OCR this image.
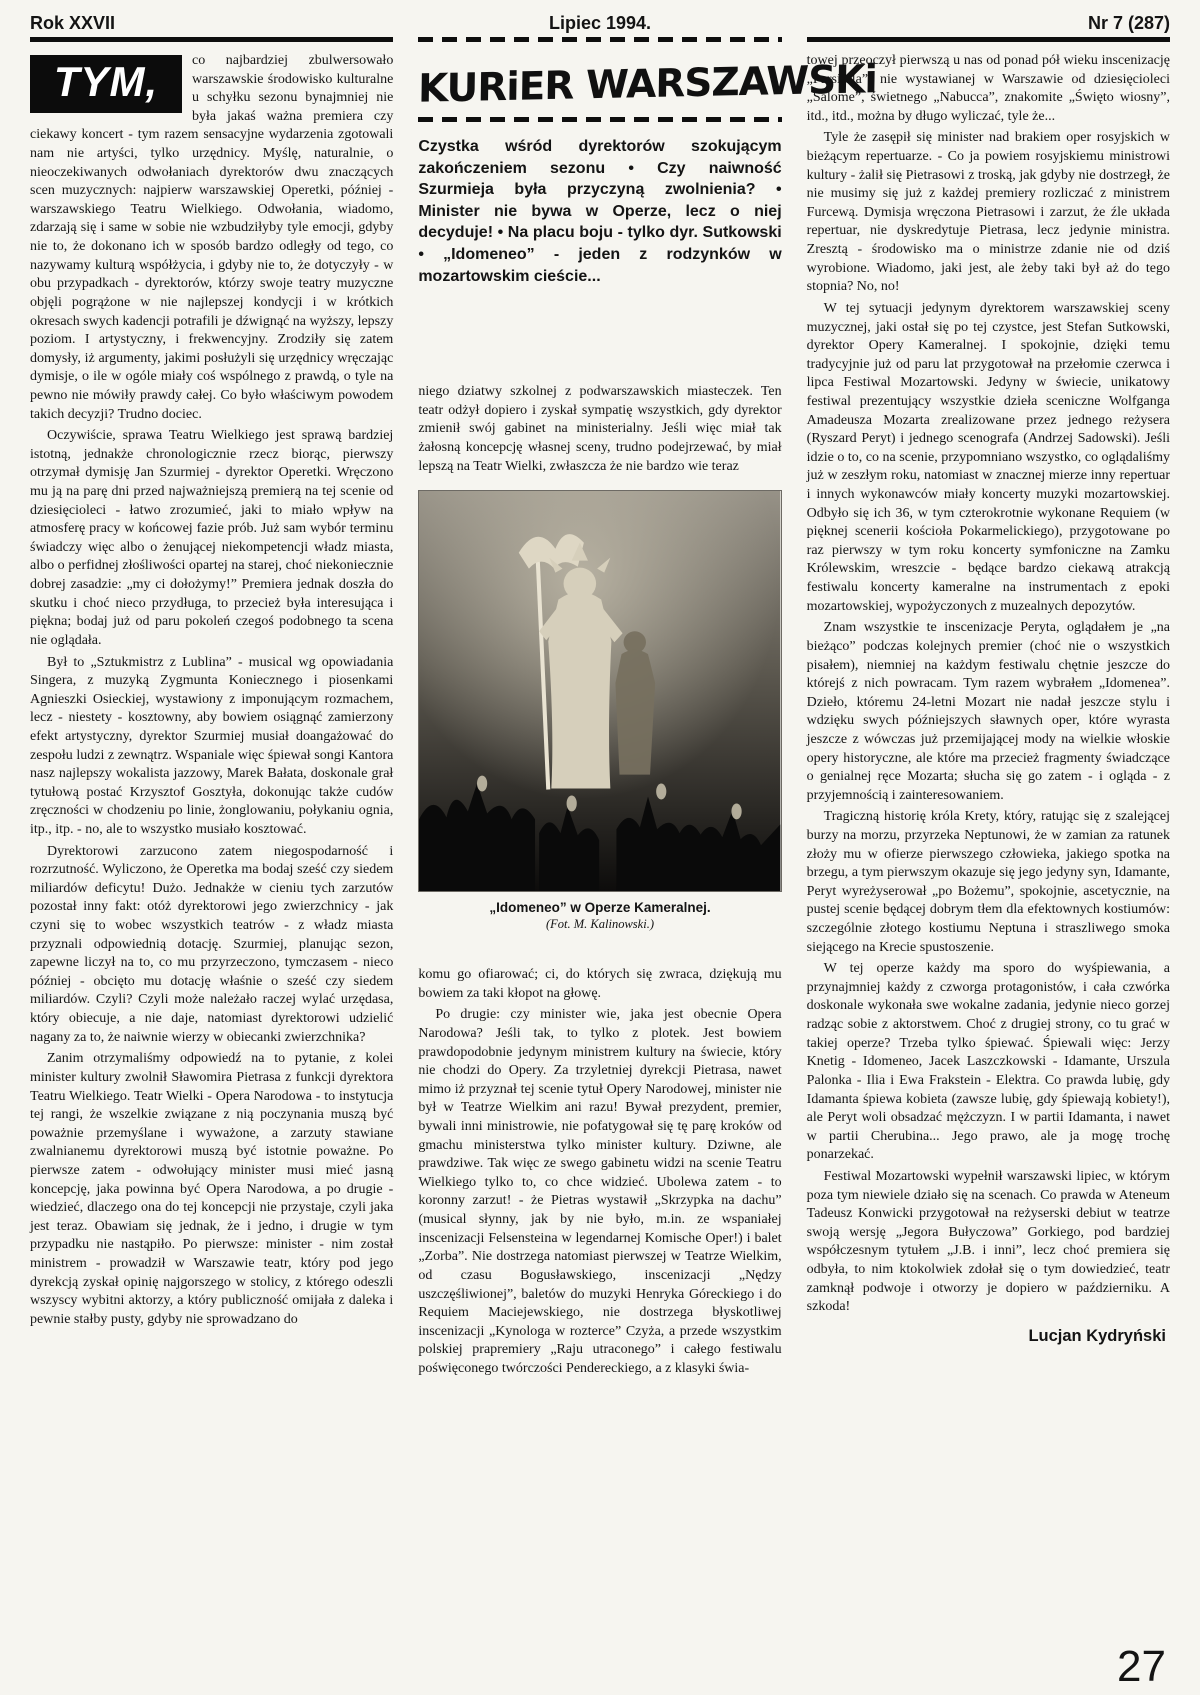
Rok XXVII	Lipiec 1994.	Nr 7 (287)
TYM,	co najbardziej zbulwersowało warszawskie środowisko kulturalne u schyłku sezonu bynajmniej nie była jakaś ważna premiera czy ciekawy koncert - tym razem sensacyjne wydarzenia zgotowali nam nie artyści, tylko urzędnicy. Myślę, naturalnie, o nieoczekiwanych odwołaniach dyrektorów dwu znaczących scen muzycznych: najpierw warszawskiej Operetki, później - warszawskiego Teatru Wielkiego. Odwołania, wiadomo, zdarzają się i same w sobie nie wzbudziłyby tyle emocji, gdyby nie to, że dokonano ich w sposób bardzo odległy od tego, co nazywamy kulturą współżycia, i gdyby nie to, że dotyczyły - w obu przypadkach - dyrektorów, którzy swoje teatry muzyczne objęli pogrążone w nie najlepszej kondycji i w krótkich okresach swych kadencji potrafili je dźwignąć na wyższy, lepszy poziom. I artystyczny, i frekwencyjny. Zrodziły się zatem domysły, iż argumenty, jakimi posłużyli się urzędnicy wręczając dymisje, o ile w ogóle miały coś wspólnego z prawdą, o tyle na pewno nie mówiły prawdy całej. Co było właściwym powodem takich decyzji? Trudno dociec.

Oczywiście, sprawa Teatru Wielkiego jest sprawą bardziej istotną, jednakże chronologicznie rzecz biorąc, pierwszy otrzymał dymisję Jan Szurmiej - dyrektor Operetki. Wręczono mu ją na parę dni przed najważniejszą premierą na tej scenie od dziesięcioleci - łatwo zrozumieć, jaki to miało wpływ na atmosferę pracy w końcowej fazie prób. Już sam wybór terminu świadczy więc albo o żenującej niekompetencji władz miasta, albo o perfidnej złośliwości opartej na starej, choć niekoniecznie dobrej zasadzie: „my ci dołożymy!” Premiera jednak doszła do skutku i choć nieco przydługa, to przecież była interesująca i piękna; bodaj już od paru pokoleń czegoś podobnego ta scena nie oglądała.

Był to „Sztukmistrz z Lublina” - musical wg opowiadania Singera, z muzyką Zygmunta Koniecznego i piosenkami Agnieszki Osieckiej, wystawiony z imponującym rozmachem, lecz - niestety - kosztowny, aby bowiem osiągnąć zamierzony efekt artystyczny, dyrektor Szurmiej musiał doangażować do zespołu ludzi z zewnątrz. Wspaniale więc śpiewał songi Kantora nasz najlepszy wokalista jazzowy, Marek Bałata, doskonale grał tytułową postać Krzysztof Gosztyła, dokonując także cudów zręczności w chodzeniu po linie, żonglowaniu, połykaniu ognia, itp., itp. - no, ale to wszystko musiało kosztować.

Dyrektorowi zarzucono zatem niegospodarność i rozrzutność. Wyliczono, że Operetka ma bodaj sześć czy siedem miliardów deficytu! Dużo. Jednakże w cieniu tych zarzutów pozostał inny fakt: otóż dyrektorowi jego zwierzchnicy - jak czyni się to wobec wszystkich teatrów - z władz miasta przyznali odpowiednią dotację. Szurmiej, planując sezon, zapewne liczył na to, co mu przyrzeczono, tymczasem - nieco później - obcięto mu dotację właśnie o sześć czy siedem miliardów. Czyli? Czyli może należało raczej wylać urzędasa, który obiecuje, a nie daje, natomiast dyrektorowi udzielić nagany za to, że naiwnie wierzy w obiecanki zwierzchnika?

Zanim otrzymaliśmy odpowiedź na to pytanie, z kolei minister kultury zwolnił Sławomira Pietrasa z funkcji dyrektora Teatru Wielkiego. Teatr Wielki - Opera Narodowa - to instytucja tej rangi, że wszelkie związane z nią poczynania muszą być poważnie przemyślane i wyważone, a zarzuty stawiane zwalnianemu dyrektorowi muszą być istotnie poważne. Po pierwsze zatem - odwołujący minister musi mieć jasną koncepcję, jaka powinna być Opera Narodowa, a po drugie - wiedzieć, dlaczego ona do tej koncepcji nie przystaje, czyli jaka jest teraz. Obawiam się jednak, że i jedno, i drugie w tym przypadku nie nastąpiło. Po pierwsze: minister - nim został ministrem - prowadził w Warszawie teatr, który pod jego dyrekcją zyskał opinię najgorszego w stolicy, z którego odeszli wszyscy wybitni aktorzy, a który publiczność omijała z daleka i pewnie stałby pusty, gdyby nie sprowadzano do

KURiER WARSZAWSKi

Czystka wśród dyrektorów szokującym zakończeniem sezonu • Czy naiwność Szurmieja była przyczyną zwolnienia? • Minister nie bywa w Operze, lecz o niej decyduje! • Na placu boju - tylko dyr. Sutkowski • „Idomeneo” - jeden z rodzynków w mozartowskim cieście...

niego dziatwy szkolnej z podwarszawskich miasteczek. Ten teatr odżył dopiero i zyskał sympatię wszystkich, gdy dyrektor zmienił swój gabinet na ministerialny. Jeśli więc miał tak żałosną koncepcję własnej sceny, trudno podejrzewać, by miał lepszą na Teatr Wielki, zwłaszcza że nie bardzo wie teraz

„Idomeneo” w Operze Kameralnej.
(Fot. M. Kalinowski.)

komu go ofiarować; ci, do których się zwraca, dziękują mu bowiem za taki kłopot na głowę.

Po drugie: czy minister wie, jaka jest obecnie Opera Narodowa? Jeśli tak, to tylko z plotek. Jest bowiem prawdopodobnie jedynym ministrem kultury na świecie, który nie chodzi do Opery. Za trzyletniej dyrekcji Pietrasa, nawet mimo iż przyznał tej scenie tytuł Opery Narodowej, minister nie był w Teatrze Wielkim ani razu! Bywał prezydent, premier, bywali inni ministrowie, nie pofatygował się tę parę kroków od gmachu ministerstwa tylko minister kultury. Dziwne, ale prawdziwe. Tak więc ze swego gabinetu widzi na scenie Teatru Wielkiego tylko to, co chce widzieć. Ubolewa zatem - to koronny zarzut! - że Pietras wystawił „Skrzypka na dachu” (musical słynny, jak by nie było, m.in. ze wspaniałej inscenizacji Felsensteina w legendarnej Komische Oper!) i balet „Zorba”. Nie dostrzega natomiast pierwszej w Teatrze Wielkim, od czasu Bogusławskiego, inscenizacji „Nędzy uszczęśliwionej”, baletów do muzyki Henryka Góreckiego i do Requiem Maciejewskiego, nie dostrzega błyskotliwej inscenizacji „Kynologa w rozterce” Czyża, a przede wszystkim polskiej prapremiery „Raju utraconego” i całego festiwalu poświęconego twórczości Pendereckiego, a z klasyki świa-

towej przeoczył pierwszą u nas od ponad pół wieku inscenizację „Parsifala”, nie wystawianej w Warszawie od dziesięcioleci „Salome”, świetnego „Nabucca”, znakomite „Święto wiosny”, itd., itd., można by długo wyliczać, tyle że...

Tyle że zasępił się minister nad brakiem oper rosyjskich w bieżącym repertuarze. - Co ja powiem rosyjskiemu ministrowi kultury - żalił się Pietrasowi z troską, jak gdyby nie dostrzegł, że nie musimy się już z każdej premiery rozliczać z ministrem Furcewą. Dymisja wręczona Pietrasowi i zarzut, że źle układa repertuar, nie dyskredytuje Pietrasa, lecz jedynie ministra. Zresztą - środowisko ma o ministrze zdanie nie od dziś wyrobione. Wiadomo, jaki jest, ale żeby taki był aż do tego stopnia? No, no!

W tej sytuacji jedynym dyrektorem warszawskiej sceny muzycznej, jaki ostał się po tej czystce, jest Stefan Sutkowski, dyrektor Opery Kameralnej. I spokojnie, dzięki temu tradycyjnie już od paru lat przygotował na przełomie czerwca i lipca Festiwal Mozartowski. Jedyny w świecie, unikatowy festiwal prezentujący wszystkie dzieła sceniczne Wolfganga Amadeusza Mozarta zrealizowane przez jednego reżysera (Ryszard Peryt) i jednego scenografa (Andrzej Sadowski). Jeśli idzie o to, co na scenie, przypomniano wszystko, co oglądaliśmy już w zeszłym roku, natomiast w znacznej mierze inny repertuar i innych wykonawców miały koncerty muzyki mozartowskiej. Odbyło się ich 36, w tym czterokrotnie wykonane Requiem (w pięknej scenerii kościoła Pokarmelickiego), przygotowane po raz pierwszy w tym roku koncerty symfoniczne na Zamku Królewskim, wreszcie - będące bardzo ciekawą atrakcją festiwalu koncerty kameralne na instrumentach z epoki mozartowskiej, wypożyczonych z muzealnych depozytów.

Znam wszystkie te inscenizacje Peryta, oglądałem je „na bieżąco” podczas kolejnych premier (choć nie o wszystkich pisałem), niemniej na każdym festiwalu chętnie jeszcze do którejś z nich powracam. Tym razem wybrałem „Idomenea”. Dzieło, któremu 24-letni Mozart nie nadał jeszcze stylu i wdzięku swych późniejszych sławnych oper, które wyrasta jeszcze z wówczas już przemijającej mody na wielkie włoskie opery historyczne, ale które ma przecież fragmenty świadczące o genialnej ręce Mozarta; słucha się go zatem - i ogląda - z przyjemnością i zainteresowaniem.

Tragiczną historię króla Krety, który, ratując się z szalejącej burzy na morzu, przyrzeka Neptunowi, że w zamian za ratunek złoży mu w ofierze pierwszego człowieka, jakiego spotka na brzegu, a tym pierwszym okazuje się jego jedyny syn, Idamante, Peryt wyreżyserował „po Bożemu”, spokojnie, ascetycznie, na pustej scenie będącej dobrym tłem dla efektownych kostiumów: szczególnie złotego kostiumu Neptuna i straszliwego smoka siejącego na Krecie spustoszenie.

W tej operze każdy ma sporo do wyśpiewania, a przynajmniej każdy z czworga protagonistów, i cała czwórka doskonale wykonała swe wokalne zadania, jedynie nieco gorzej radząc sobie z aktorstwem. Choć z drugiej strony, co tu grać w takiej operze? Trzeba tylko śpiewać. Śpiewali więc: Jerzy Knetig - Idomeneo, Jacek Laszczkowski - Idamante, Urszula Palonka - Ilia i Ewa Frakstein - Elektra. Co prawda lubię, gdy Idamanta śpiewa kobieta (zawsze lubię, gdy śpiewają kobiety!), ale Peryt woli obsadzać mężczyzn. I w partii Idamanta, i nawet w partii Cherubina... Jego prawo, ale ja mogę trochę ponarzekać.

Festiwal Mozartowski wypełnił warszawski lipiec, w którym poza tym niewiele działo się na scenach. Co prawda w Ateneum Tadeusz Konwicki przygotował na reżyserski debiut w teatrze swoją wersję „Jegora Bułyczowa” Gorkiego, pod bardziej współczesnym tytułem „J.B. i inni”, lecz choć premiera się odbyła, to nim ktokolwiek zdołał się o tym dowiedzieć, teatr zamknął podwoje i otworzy je dopiero w październiku. A szkoda!

Lucjan Kydryński

27
